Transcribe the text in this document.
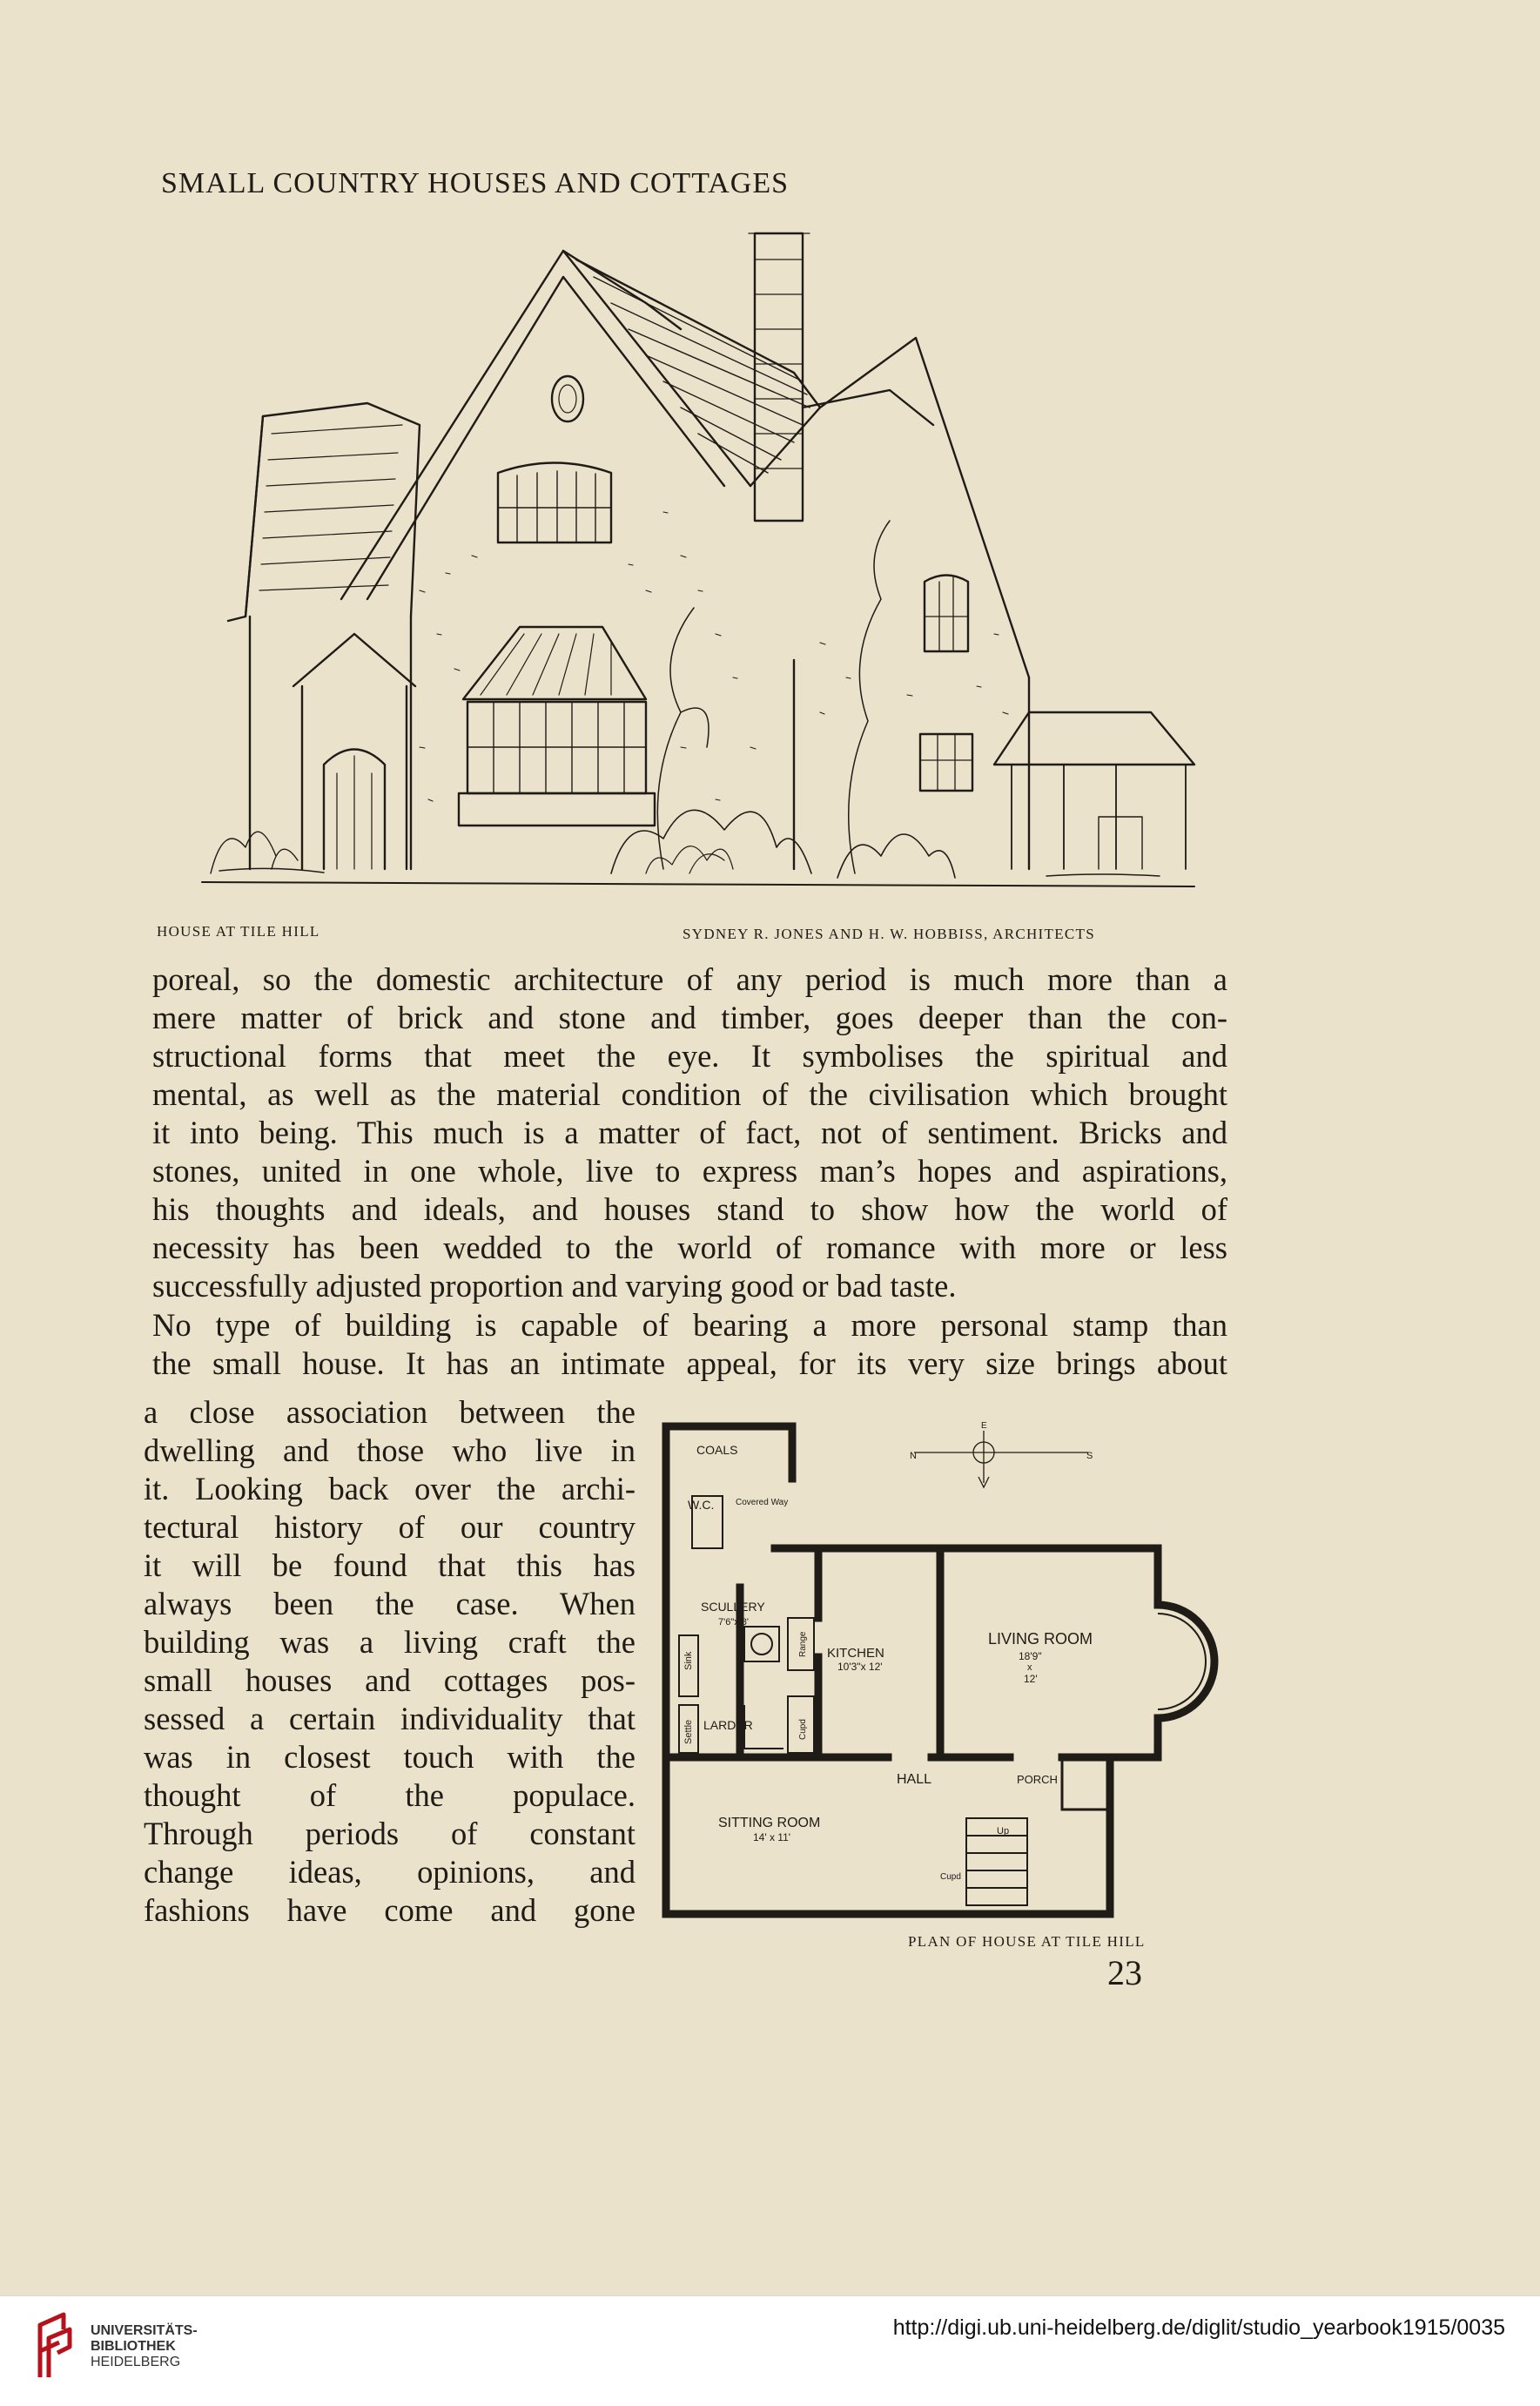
SMALL COUNTRY HOUSES AND COTTAGES
HOUSE AT TILE HILL	SYDNEY R. JONES AND H. W. HOBBISS, ARCHITECTS
poreal, so the domestic architecture of any period is much more than a
mere matter of brick and stone and timber, goes deeper than the con-
structional forms that meet the eye. It symbolises the spiritual and
mental, as well as the material condition of the civilisation which brought
it into being. This much is a matter of fact, not of sentiment. Bricks and
stones, united in one whole, live to express man’s hopes and aspirations,
his thoughts and ideals, and houses stand to show how the world of
necessity has been wedded to the world of romance with more or less
successfully adjusted proportion and varying good or bad taste.
No type of building is capable of bearing a more personal stamp than
the small house. It has an intimate appeal, for its very size brings about
a close association between the
dwelling and those who live in
it. Looking back over the archi-
tectural history of our country
it will be found that this has
always been the case. When
building was a living craft the
small houses and cottages pos-
sessed a certain individuality that
was in closest touch with the
thought of the populace.
Through periods of constant
change ideas, opinions, and
fashions have come and gone
N	S
E
COALS
W.C. Covered Way
Sink
SCULLERY
7'6"x 8'
Settle LARDER
Range
Cupd
KITCHEN
10'3"x 12'
LIVING ROOM
18'9"
x
12'
HALL	PORCH
SITTING ROOM
14' x 11'	Up
Cupd
PLAN OF HOUSE AT TILE HILL
23
UNIVERSITÄTS-
BIBLIOTHEK
HEIDELBERG
http://digi.ub.uni-heidelberg.de/diglit/studio_yearbook1915/0035
